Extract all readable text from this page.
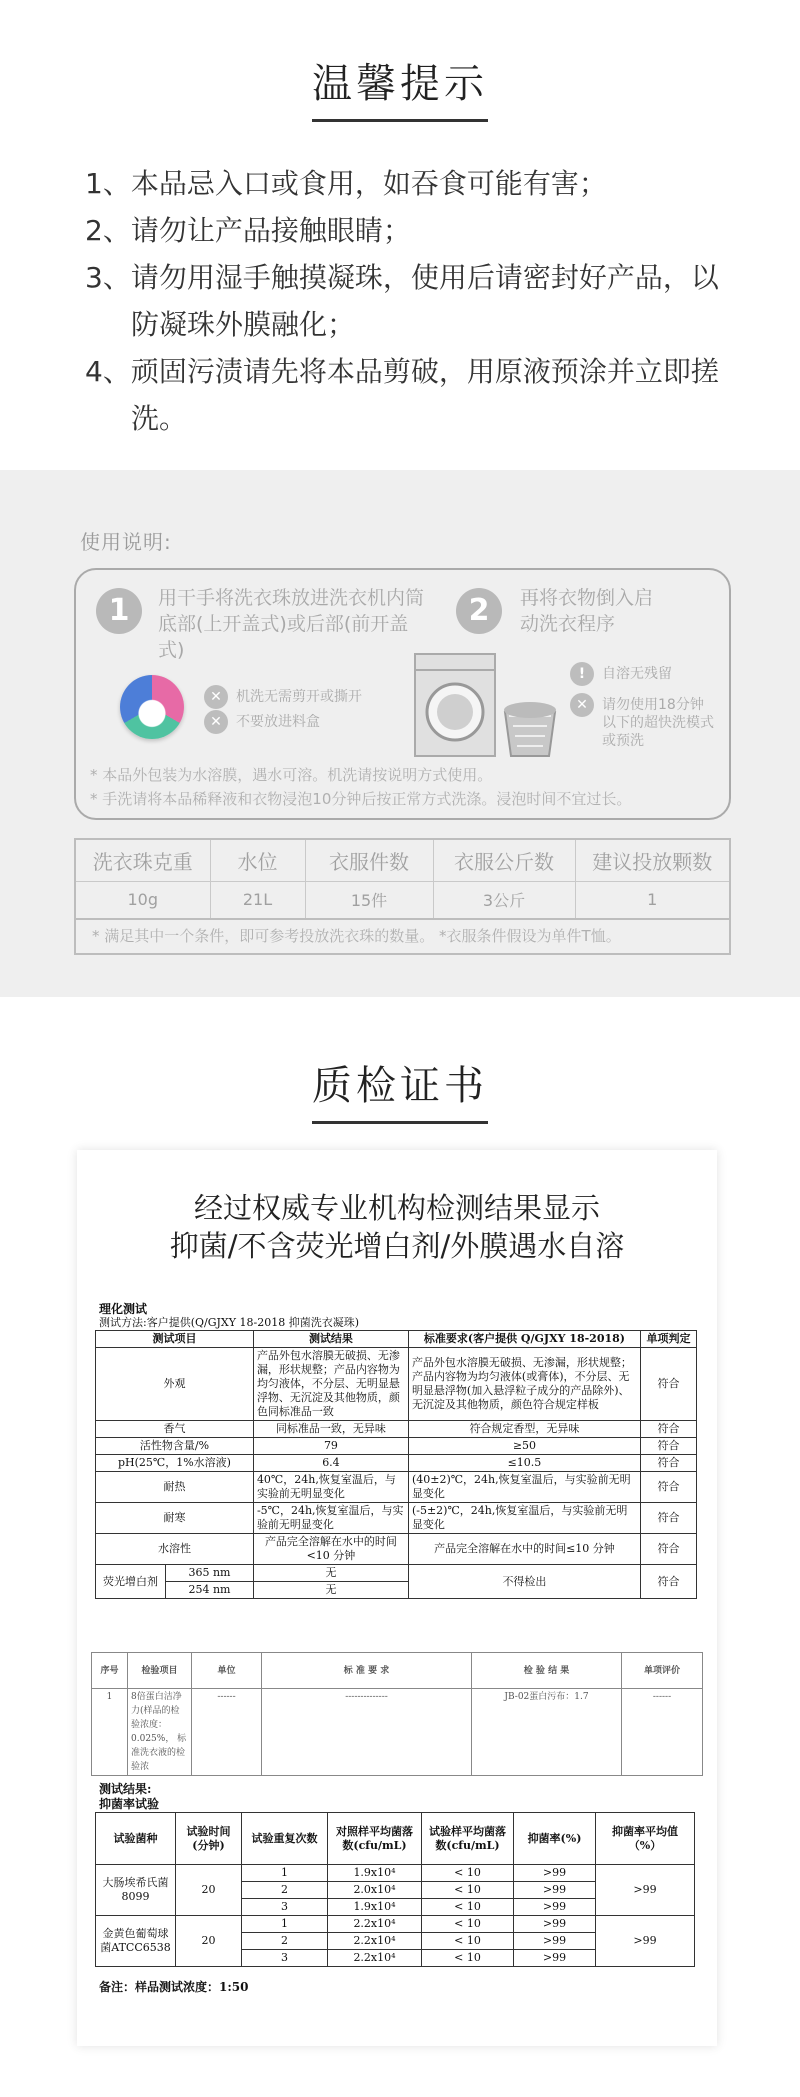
温馨提示
1、本品忌入口或食用，如吞食可能有害；
2、请勿让产品接触眼睛；
3、请勿用湿手触摸凝珠，使用后请密封好产品，以防凝珠外膜融化；
4、顽固污渍请先将本品剪破，用原液预涂并立即搓洗。
使用说明:
1	用干手将洗衣珠放进洗衣机内筒底部(上开盖式)或后部(前开盖式)
2	再将衣物倒入启动洗衣程序
✕	机洗无需剪开或撕开
✕	不要放进料盒
!	自溶无残留
✕	请勿使用18分钟以下的超快洗模式或预洗
* 本品外包装为水溶膜，遇水可溶。机洗请按说明方式使用。
* 手洗请将本品稀释液和衣物浸泡10分钟后按正常方式洗涤。浸泡时间不宜过长。
洗衣珠克重	水位	衣服件数	衣服公斤数	建议投放颗数
10g	21L	15件	3公斤	1
* 满足其中一个条件，即可参考投放洗衣珠的数量。 *衣服条件假设为单件T恤。
质检证书
经过权威专业机构检测结果显示
抑菌/不含荧光增白剂/外膜遇水自溶
理化测试
测试方法:客户提供(Q/GJXY 18-2018 抑菌洗衣凝珠)
测试项目		测试结果	标准要求(客户提供 Q/GJXY 18-2018)	单项判定
外观		产品外包水溶膜无破损、无渗漏，形状规整；产品内容物为均匀液体，不分层、无明显悬浮物、无沉淀及其他物质，颜色同标准品一致	产品外包水溶膜无破损、无渗漏，形状规整；产品内容物为均匀液体(或膏体)，不分层、无明显悬浮物(加入悬浮粒子成分的产品除外)、无沉淀及其他物质，颜色符合规定样板	符合
香气		同标准品一致，无异味	符合规定香型，无异味	符合
活性物含量/%		79	≥50	符合
pH(25℃，1%水溶液)		6.4	≤10.5	符合
耐热		40℃，24h,恢复室温后，与实验前无明显变化	(40±2)℃，24h,恢复室温后，与实验前无明显变化	符合
耐寒		-5℃，24h,恢复室温后，与实验前无明显变化	(-5±2)℃，24h,恢复室温后，与实验前无明显变化	符合
水溶性		产品完全溶解在水中的时间<10 分钟	产品完全溶解在水中的时间≤10 分钟	符合
荧光增白剂	365 nm	无	不得检出	符合
	254 nm	无		
序号	检验项目	单位	标 准 要 求	检 验 结 果	单项评价
1	8倍蛋白洁净力(样品的检验浓度：0.025%， 标准洗衣液的检验浓	------	--------------	JB-02蛋白污布：1.7	------
测试结果:
抑菌率试验
试验菌种	试验时间(分钟)	试验重复次数	对照样平均菌落数(cfu/mL)	试验样平均菌落数(cfu/mL)	抑菌率(%)	抑菌率平均值（%）
大肠埃希氏菌8099	20	1	1.9x10⁴	< 10	>99	>99
		2	2.0x10⁴	< 10	>99	
		3	1.9x10⁴	< 10	>99	
金黄色葡萄球菌ATCC6538	20	1	2.2x10⁴	< 10	>99	>99
		2	2.2x10⁴	< 10	>99	
		3	2.2x10⁴	< 10	>99	
备注：样品测试浓度：1:50
